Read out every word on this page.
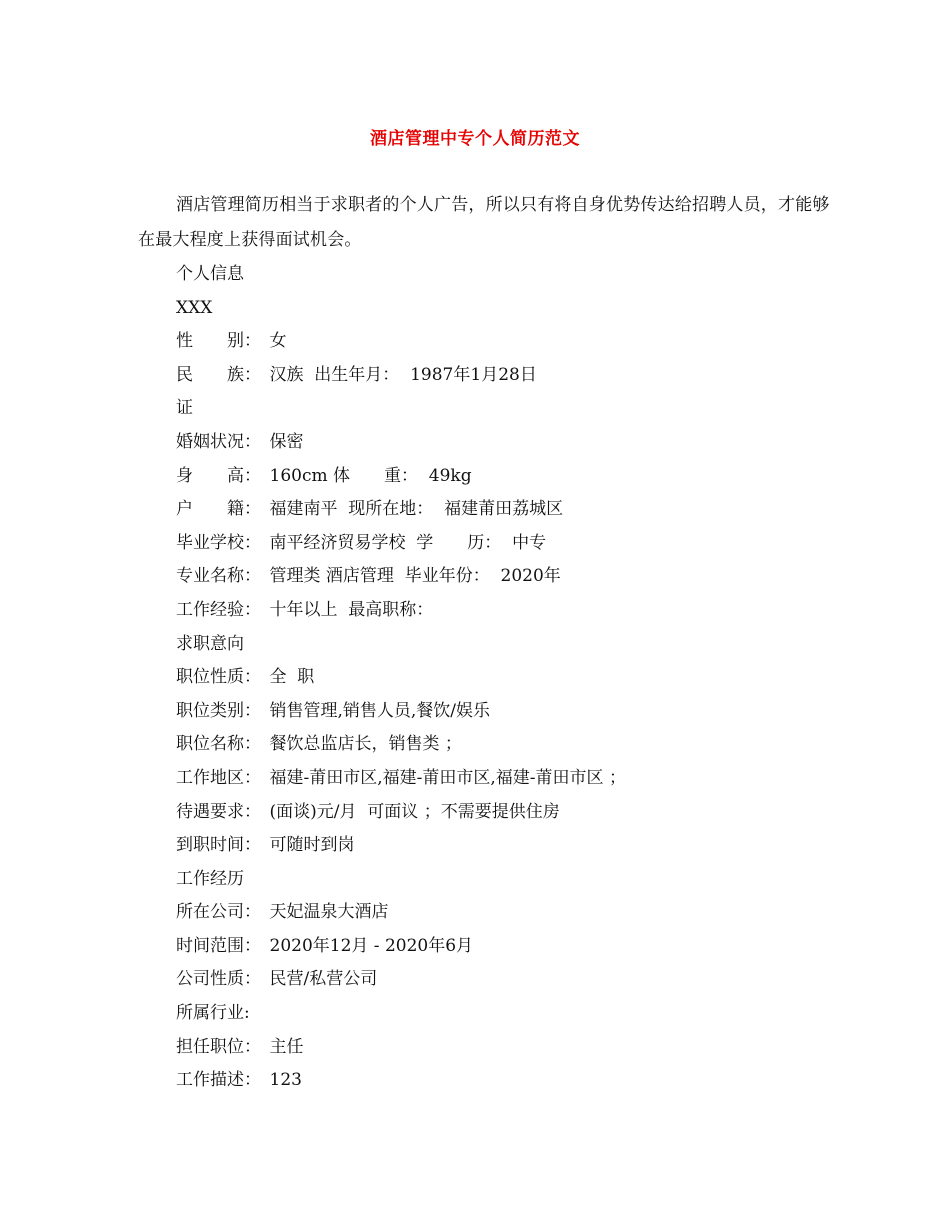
酒店管理中专个人简历范文
酒店管理简历相当于求职者的个人广告，所以只有将自身优势传达给招聘人员，才能够在最大程度上获得面试机会。
个人信息
XXX
性　　别：　女
民　　族：　汉族  出生年月：  1987年1月28日
证
婚姻状况：　保密
身　　高：　160cm 体　　重：  49kg
户　　籍：　福建南平  现所在地：  福建莆田荔城区
毕业学校：　南平经济贸易学校  学　　历：  中专
专业名称：　管理类 酒店管理  毕业年份：  2020年
工作经验：　十年以上  最高职称：
求职意向
职位性质：　全  职
职位类别：　销售管理,销售人员,餐饮/娱乐
职位名称：　餐饮总监店长，销售类 ；
工作地区：　福建-莆田市区,福建-莆田市区,福建-莆田市区 ；
待遇要求：　(面谈)元/月  可面议 ；不需要提供住房
到职时间：　可随时到岗
工作经历
所在公司：　天妃温泉大酒店
时间范围：　2020年12月 - 2020年6月
公司性质：　民营/私营公司
所属行业:
担任职位：　主任
工作描述：　123
